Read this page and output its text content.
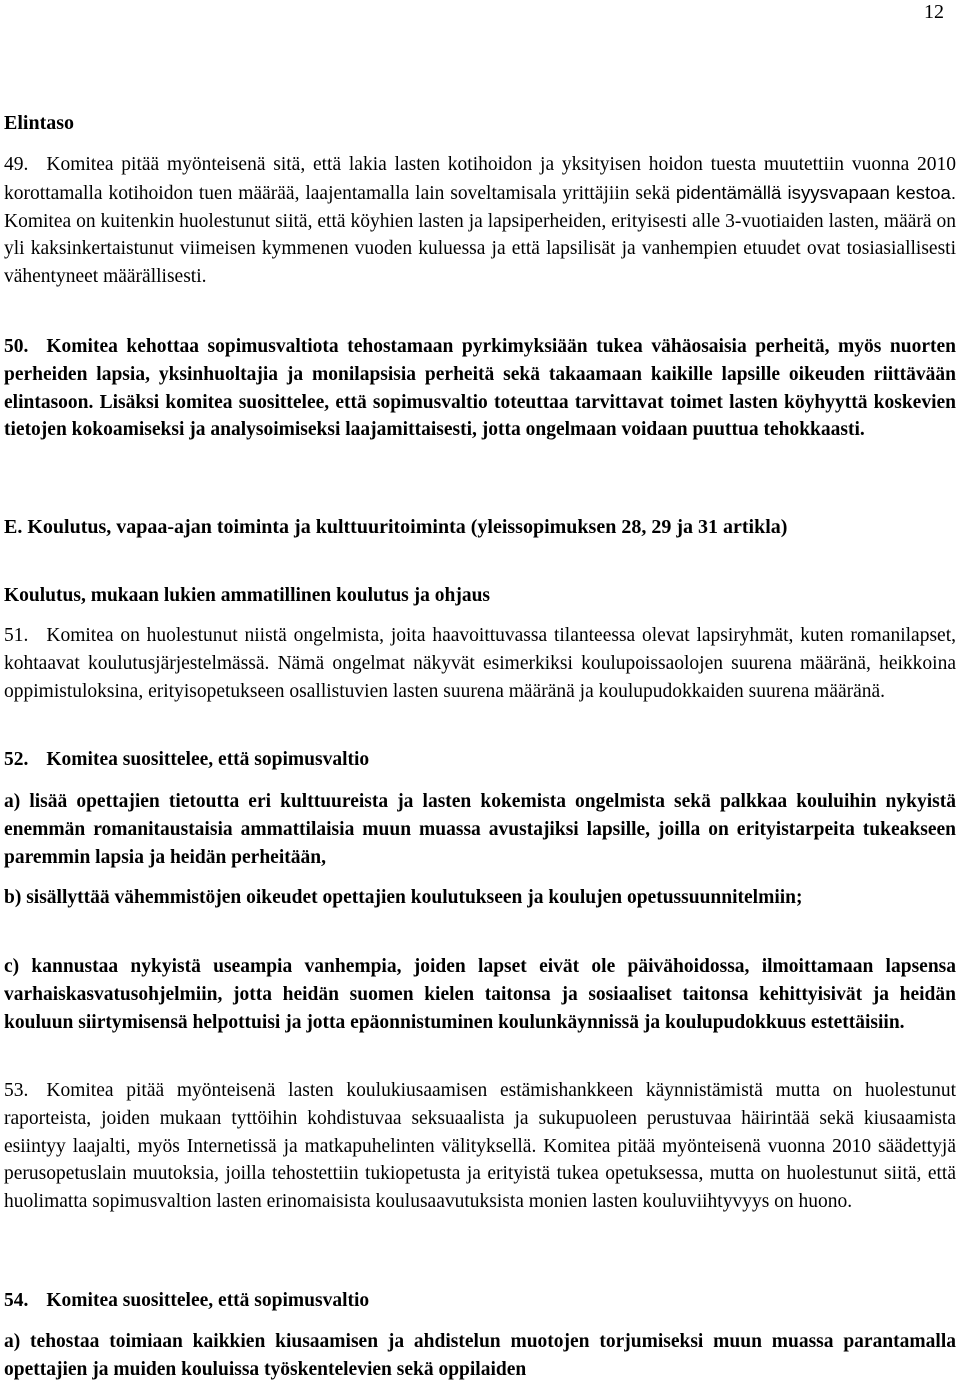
12
Elintaso

49. Komitea pitää myönteisenä sitä, että lakia lasten kotihoidon ja yksityisen hoidon tuesta muutettiin vuonna 2010 korottamalla kotihoidon tuen määrää, laajentamalla lain soveltamisala yrittäjiin sekä pidentämällä isyysvapaan kestoa. Komitea on kuitenkin huolestunut siitä, että köyhien lasten ja lapsiperheiden, erityisesti alle 3-vuotiaiden lasten, määrä on yli kaksinkertaistunut viimeisen kymmenen vuoden kuluessa ja että lapsilisät ja vanhempien etuudet ovat tosiasiallisesti vähentyneet määrällisesti.

50. Komitea kehottaa sopimusvaltiota tehostamaan pyrkimyksiään tukea vähäosaisia perheitä, myös nuorten perheiden lapsia, yksinhuoltajia ja monilapsisia perheitä sekä takaamaan kaikille lapsille oikeuden riittävään elintasoon. Lisäksi komitea suosittelee, että sopimusvaltio toteuttaa tarvittavat toimet lasten köyhyyttä koskevien tietojen kokoamiseksi ja analysoimiseksi laajamittaisesti, jotta ongelmaan voidaan puuttua tehokkaasti.

E. Koulutus, vapaa-ajan toiminta ja kulttuuritoiminta (yleissopimuksen 28, 29 ja 31 artikla)
Koulutus, mukaan lukien ammatillinen koulutus ja ohjaus

51. Komitea on huolestunut niistä ongelmista, joita haavoittuvassa tilanteessa olevat lapsiryhmät, kuten romanilapset, kohtaavat koulutusjärjestelmässä. Nämä ongelmat näkyvät esimerkiksi koulupoissaolojen suurena määränä, heikkoina oppimistuloksina, erityisopetukseen osallistuvien lasten suurena määränä ja koulupudokkaiden suurena määränä.

52. Komitea suosittelee, että sopimusvaltio

a) lisää opettajien tietoutta eri kulttuureista ja lasten kokemista ongelmista sekä palkkaa kouluihin nykyistä enemmän romanitaustaisia ammattilaisia muun muassa avustajiksi lapsille, joilla on erityistarpeita tukeakseen paremmin lapsia ja heidän perheitään,

b) sisällyttää vähemmistöjen oikeudet opettajien koulutukseen ja koulujen opetussuunnitelmiin;

c) kannustaa nykyistä useampia vanhempia, joiden lapset eivät ole päivähoidossa, ilmoittamaan lapsensa varhaiskasvatusohjelmiin, jotta heidän suomen kielen taitonsa ja sosiaaliset taitonsa kehittyisivät ja heidän kouluun siirtymisensä helpottuisi ja jotta epäonnistuminen koulunkäynnissä ja koulupudokkuus estettäisiin.

53. Komitea pitää myönteisenä lasten koulukiusaamisen estämishankkeen käynnistämistä mutta on huolestunut raporteista, joiden mukaan tyttöihin kohdistuvaa seksuaalista ja sukupuoleen perustuvaa häirintää sekä kiusaamista esiintyy laajalti, myös Internetissä ja matkapuhelinten välityksellä. Komitea pitää myönteisenä vuonna 2010 säädettyjä perusopetuslain muutoksia, joilla tehostettiin tukiopetusta ja erityistä tukea opetuksessa, mutta on huolestunut siitä, että huolimatta sopimusvaltion lasten erinomaisista koulusaavutuksista monien lasten kouluviihtyvyys on huono.

54. Komitea suosittelee, että sopimusvaltio

a) tehostaa toimiaan kaikkien kiusaamisen ja ahdistelun muotojen torjumiseksi muun muassa parantamalla opettajien ja muiden kouluissa työskentelevien sekä oppilaiden
